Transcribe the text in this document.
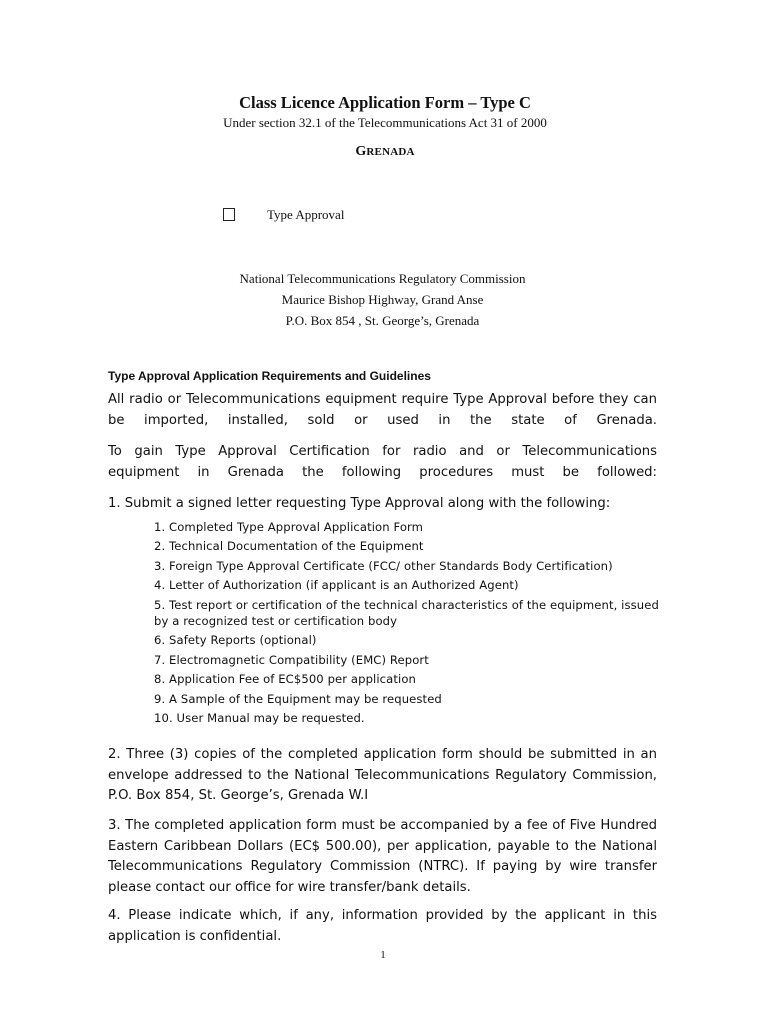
Class Licence Application Form – Type C
Under section 32.1 of the Telecommunications Act 31 of 2000
GRENADA
Type Approval
National Telecommunications Regulatory Commission
Maurice Bishop Highway, Grand Anse
P.O. Box 854 , St. George’s, Grenada
Type Approval Application Requirements and Guidelines
All radio or Telecommunications equipment require Type Approval before they can be imported, installed, sold or used in the state of Grenada.
To gain Type Approval Certification for radio and or Telecommunications equipment in Grenada the following procedures must be followed:
1. Submit a signed letter requesting Type Approval along with the following:
1. Completed Type Approval Application Form
2. Technical Documentation of the Equipment
3. Foreign Type Approval Certificate (FCC/ other Standards Body Certification)
4. Letter of Authorization (if applicant is an Authorized Agent)
5. Test report or certification of the technical characteristics of the equipment, issued by a recognized test or certification body
6. Safety Reports (optional)
7. Electromagnetic Compatibility (EMC) Report
8. Application Fee of EC$500 per application
9. A Sample of the Equipment may be requested
10. User Manual may be requested.
2. Three (3) copies of the completed application form should be submitted in an envelope addressed to the National Telecommunications Regulatory Commission, P.O. Box 854, St. George’s, Grenada W.I
3. The completed application form must be accompanied by a fee of Five Hundred Eastern Caribbean Dollars (EC$ 500.00), per application, payable to the National Telecommunications Regulatory Commission (NTRC). If paying by wire transfer please contact our office for wire transfer/bank details.
4. Please indicate which, if any, information provided by the applicant in this application is confidential.
1
